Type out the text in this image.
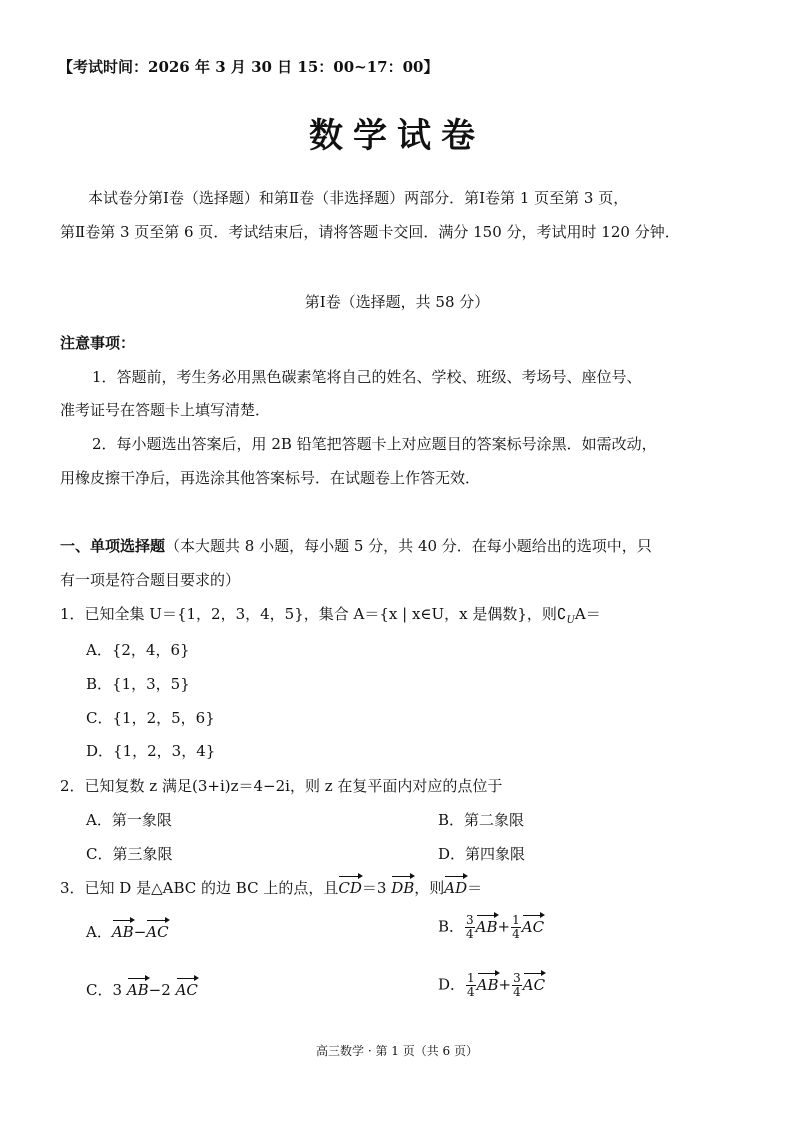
【考试时间：2026 年 3 月 30 日 15：00~17：00】
数学试卷
本试卷分第Ⅰ卷（选择题）和第Ⅱ卷（非选择题）两部分．第Ⅰ卷第 1 页至第 3 页，
第Ⅱ卷第 3 页至第 6 页．考试结束后，请将答题卡交回．满分 150 分，考试用时 120 分钟．
第Ⅰ卷（选择题，共 58 分）
注意事项：
1．答题前，考生务必用黑色碳素笔将自己的姓名、学校、班级、考场号、座位号、
准考证号在答题卡上填写清楚．
2．每小题选出答案后，用 2B 铅笔把答题卡上对应题目的答案标号涂黑．如需改动，
用橡皮擦干净后，再选涂其他答案标号．在试题卷上作答无效．
一、单项选择题（本大题共 8 小题，每小题 5 分，共 40 分．在每小题给出的选项中，只
有一项是符合题目要求的）
1．已知全集 U＝{1，2，3，4，5}，集合 A＝{x | x∈U，x 是偶数}，则$∁_UA=$
A．{2，4，6}
B．{1，3，5}
C．{1，2，5，6}
D．{1，2，3，4}
2．已知复数 z 满足(3+i)z＝4−2i，则 z 在复平面内对应的点位于
A．第一象限	B．第二象限
C．第三象限	D．第四象限
3．已知 D 是△ABC 的边 BC 上的点，且CD＝3 DB，则AD＝
A．AB−AC	B． $\frac{3}{4} AB+ \frac{1}{4}$ AC
C．3 AB−2 AC	D． $\frac{1}{4} AB+ \frac{3}{4}$ AC
高三数学 · 第 1 页（共 6 页）
